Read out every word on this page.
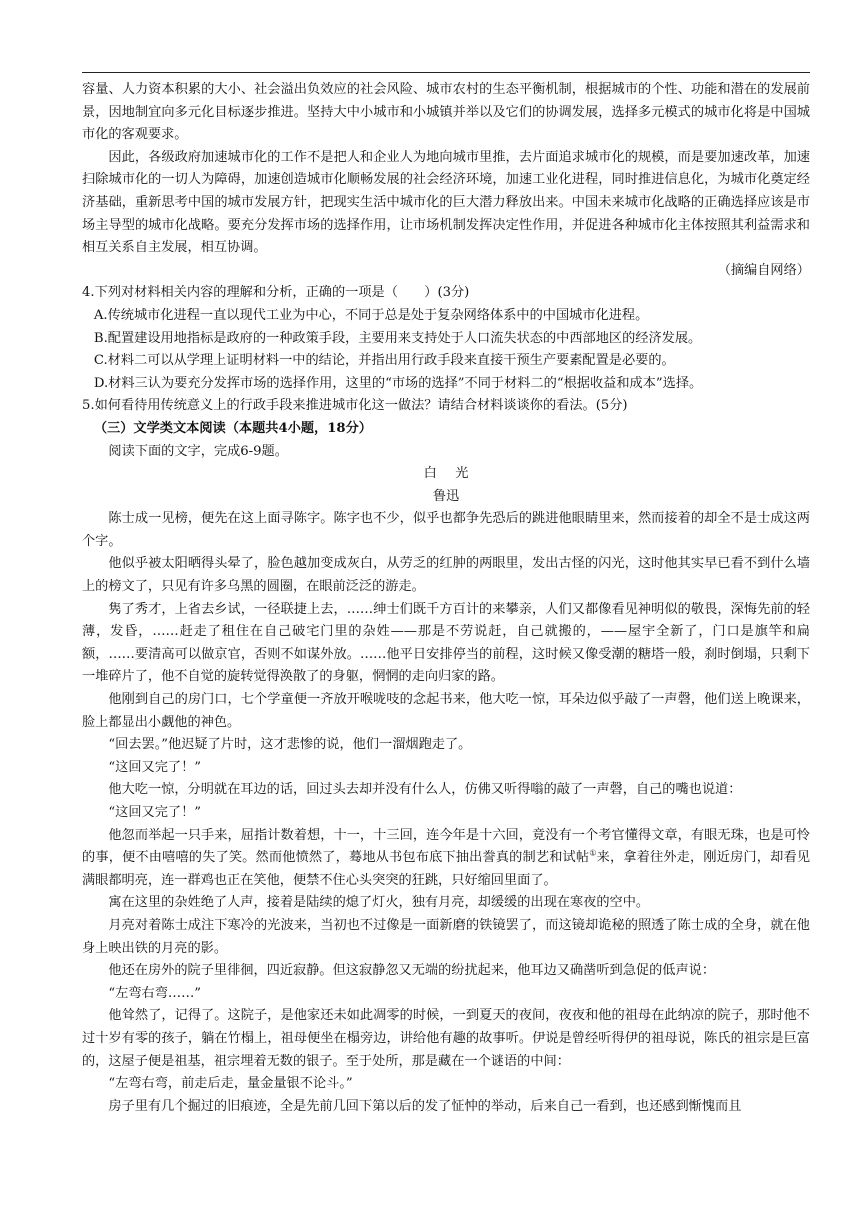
容量、人力资本积累的大小、社会溢出负效应的社会风险、城市农村的生态平衡机制，根据城市的个性、功能和潜在的发展前景，因地制宜向多元化目标逐步推进。坚持大中小城市和小城镇并举以及它们的协调发展，选择多元模式的城市化将是中国城市化的客观要求。

因此，各级政府加速城市化的工作不是把人和企业人为地向城市里推，去片面追求城市化的规模，而是要加速改革，加速扫除城市化的一切人为障碍，加速创造城市化顺畅发展的社会经济环境，加速工业化进程，同时推进信息化，为城市化奠定经济基础，重新思考中国的城市发展方针，把现实生活中城市化的巨大潜力释放出来。中国未来城市化战略的正确选择应该是市场主导型的城市化战略。要充分发挥市场的选择作用，让市场机制发挥决定性作用，并促进各种城市化主体按照其利益需求和相互关系自主发展，相互协调。

（摘编自网络）

4.下列对材料相关内容的理解和分析，正确的一项是（　　）(3分)

A.传统城市化进程一直以现代工业为中心，不同于总是处于复杂网络体系中的中国城市化进程。

B.配置建设用地指标是政府的一种政策手段，主要用来支持处于人口流失状态的中西部地区的经济发展。

C.材料二可以从学理上证明材料一中的结论，并指出用行政手段来直接干预生产要素配置是必要的。

D.材料三认为要充分发挥市场的选择作用，这里的“市场的选择”不同于材料二的“根据收益和成本”选择。

5.如何看待用传统意义上的行政手段来推进城市化这一做法？请结合材料谈谈你的看法。(5分)

（三）文学类文本阅读（本题共4小题，18分）

阅读下面的文字，完成6-9题。

白光

鲁迅

陈士成一见榜，便先在这上面寻陈字。陈字也不少，似乎也都争先恐后的跳进他眼睛里来，然而接着的却全不是士成这两个字。

他似乎被太阳晒得头晕了，脸色越加变成灰白，从劳乏的红肿的两眼里，发出古怪的闪光，这时他其实早已看不到什么墙上的榜文了，只见有许多乌黑的圆圈，在眼前泛泛的游走。

隽了秀才，上省去乡试，一径联捷上去，……绅士们既千方百计的来攀亲，人们又都像看见神明似的敬畏，深悔先前的轻薄，发昏，……赶走了租住在自己破宅门里的杂姓——那是不劳说赶，自己就搬的，——屋宇全新了，门口是旗竿和扁额，……要清高可以做京官，否则不如谋外放。……他平日安排停当的前程，这时候又像受潮的糖塔一般，刹时倒塌，只剩下一堆碎片了，他不自觉的旋转觉得涣散了的身躯，惘惘的走向归家的路。

他刚到自己的房门口，七个学童便一齐放开喉咙吱的念起书来，他大吃一惊，耳朵边似乎敲了一声磬，他们送上晚课来，脸上都显出小觑他的神色。

“回去罢。”他迟疑了片时，这才悲惨的说，他们一溜烟跑走了。

“这回又完了！”

他大吃一惊，分明就在耳边的话，回过头去却并没有什么人，仿佛又听得嗡的敲了一声磬，自己的嘴也说道：

“这回又完了！”

他忽而举起一只手来，屈指计数着想，十一，十三回，连今年是十六回，竟没有一个考官懂得文章，有眼无珠，也是可怜的事，便不由嘻嘻的失了笑。然而他愤然了，蓦地从书包布底下抽出誊真的制艺和试帖①来，拿着往外走，刚近房门，却看见满眼都明亮，连一群鸡也正在笑他，便禁不住心头突突的狂跳，只好缩回里面了。

寓在这里的杂姓绝了人声，接着是陆续的熄了灯火，独有月亮，却缓缓的出现在寒夜的空中。

月亮对着陈士成注下寒冷的光波来，当初也不过像是一面新磨的铁镜罢了，而这镜却诡秘的照透了陈士成的全身，就在他身上映出铁的月亮的影。

他还在房外的院子里徘徊，四近寂静。但这寂静忽又无端的纷扰起来，他耳边又确凿听到急促的低声说：

“左弯右弯……”

他耸然了，记得了。这院子，是他家还未如此凋零的时候，一到夏天的夜间，夜夜和他的祖母在此纳凉的院子，那时他不过十岁有零的孩子，躺在竹榻上，祖母便坐在榻旁边，讲给他有趣的故事听。伊说是曾经听得伊的祖母说，陈氏的祖宗是巨富的，这屋子便是祖基，祖宗埋着无数的银子。至于处所，那是藏在一个谜语的中间：

“左弯右弯，前走后走，量金量银不论斗。”

房子里有几个掘过的旧痕迹，全是先前几回下第以后的发了怔忡的举动，后来自己一看到，也还感到惭愧而且
